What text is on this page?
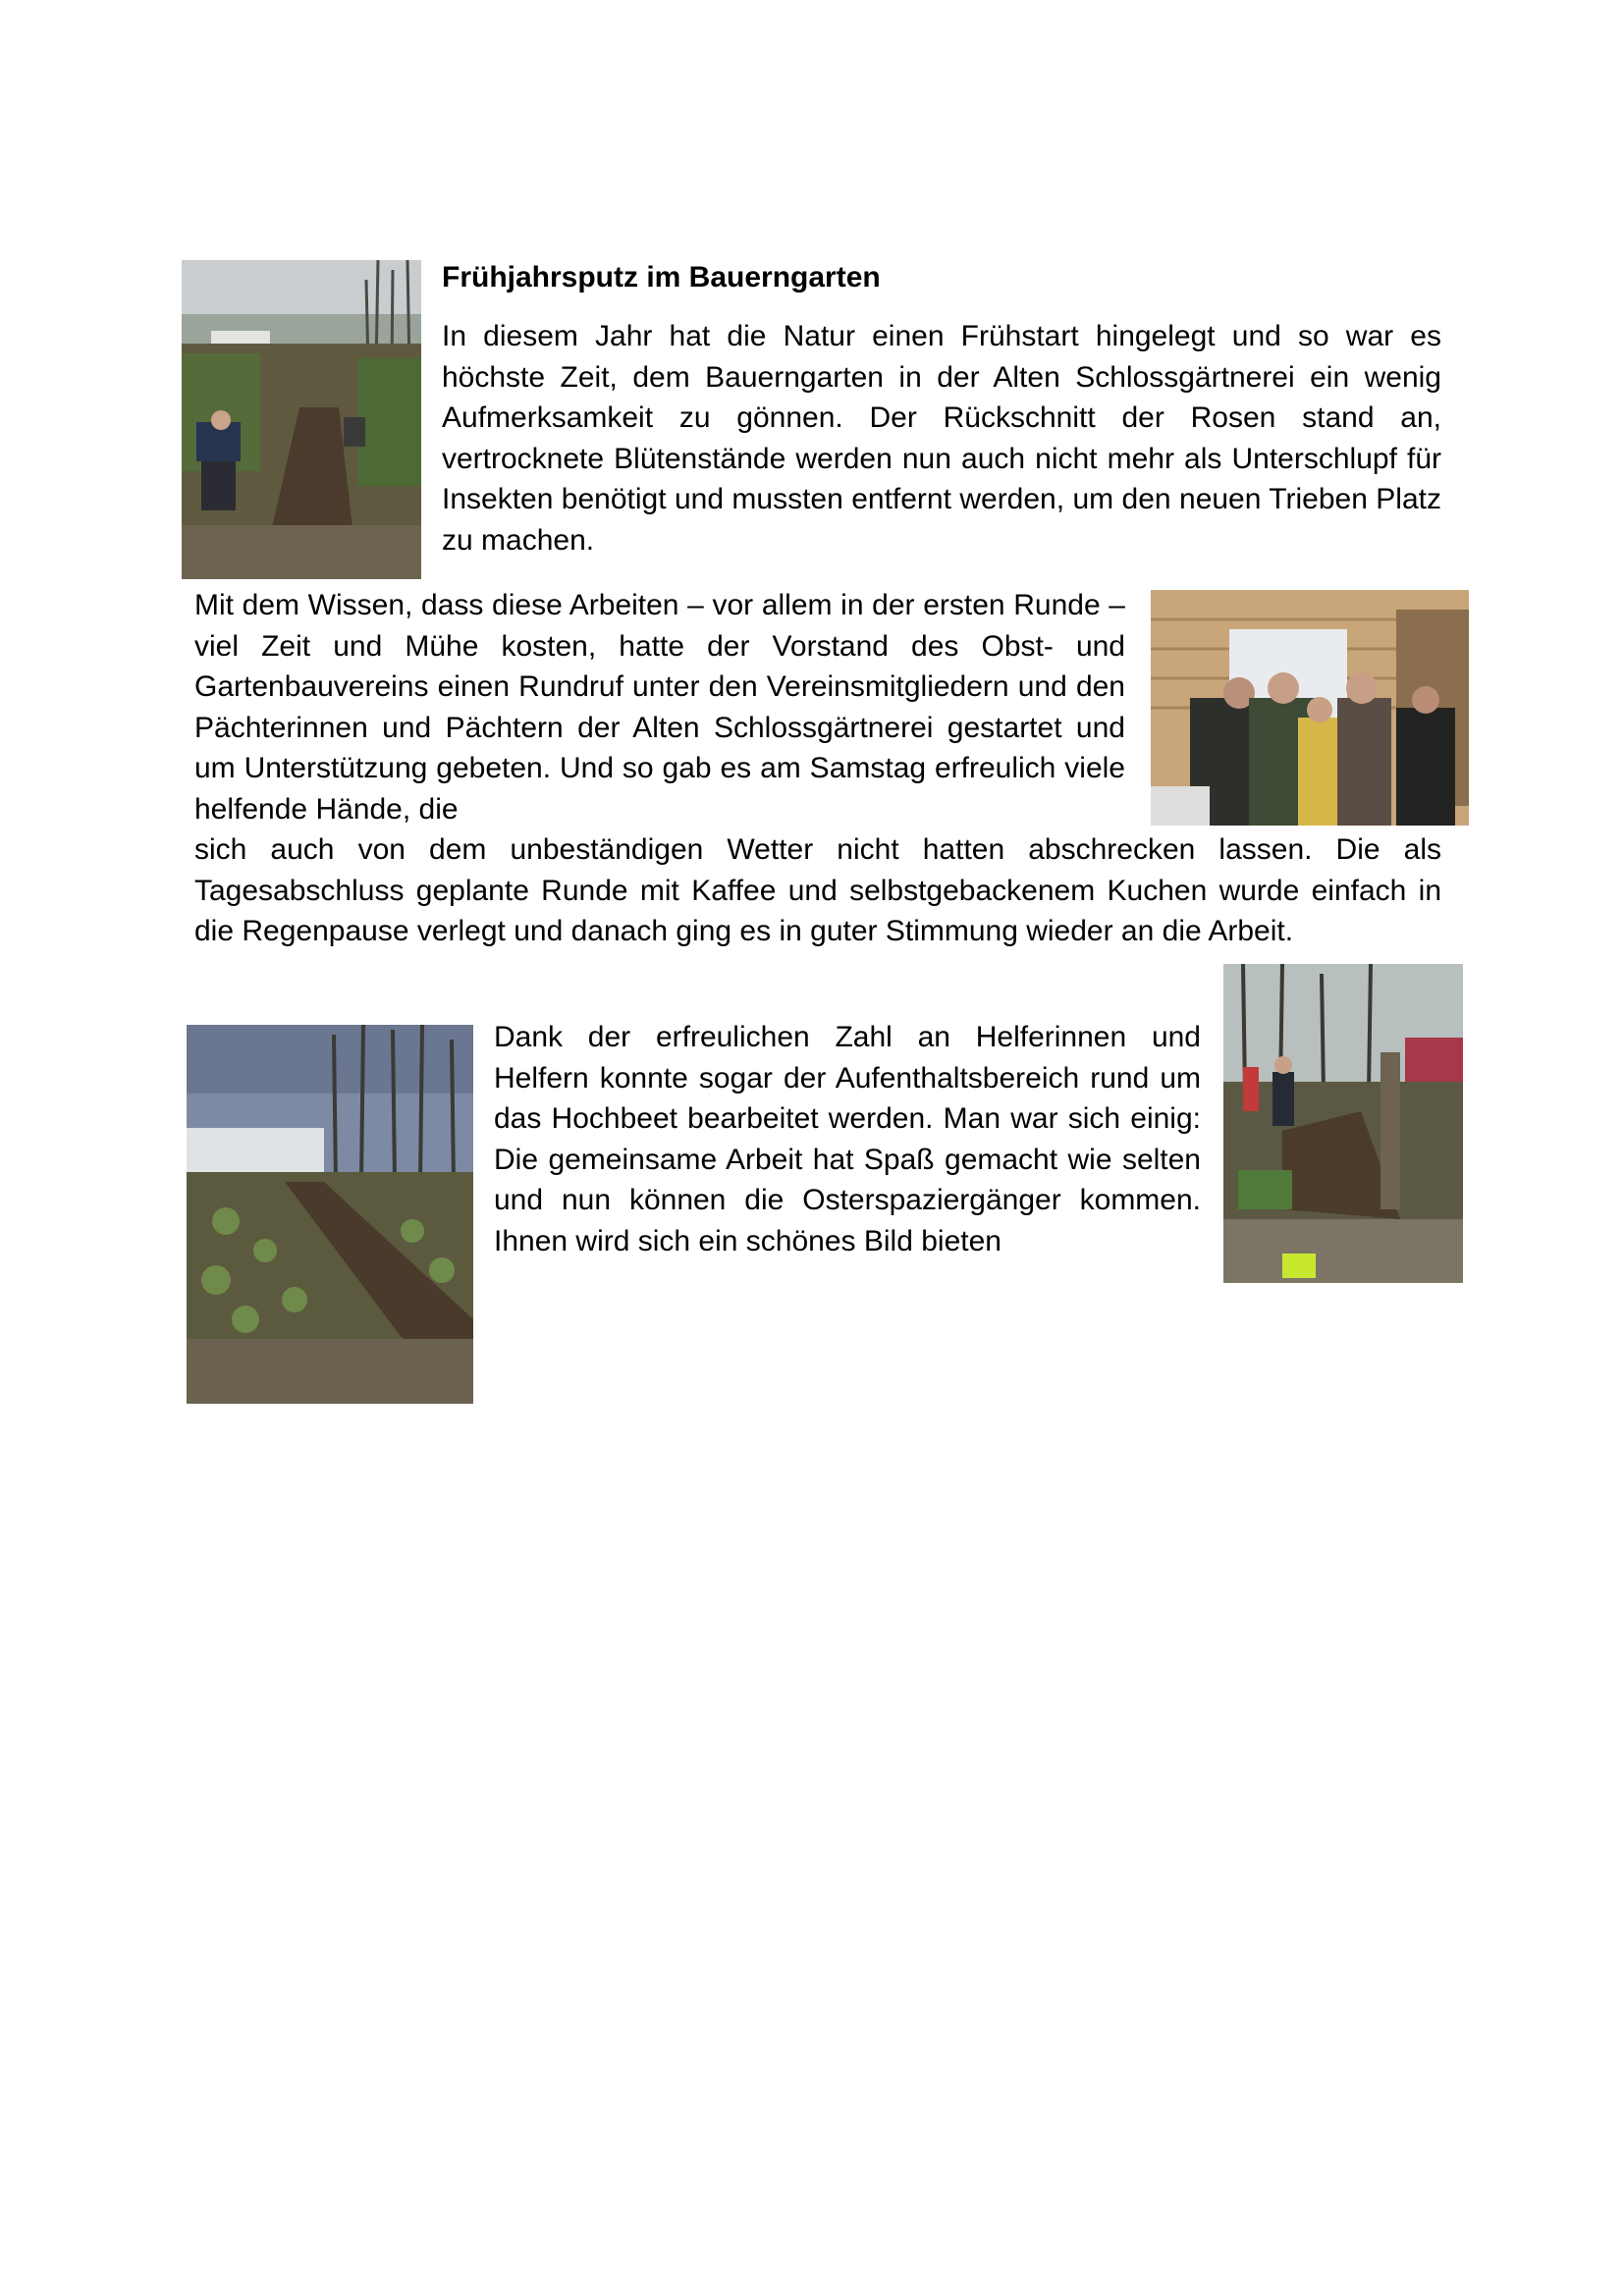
Frühjahrsputz im Bauerngarten

In diesem Jahr hat die Natur einen Frühstart hingelegt und so war es höchste Zeit, dem Bauerngarten in der Alten Schlossgärtnerei ein wenig Aufmerksamkeit zu gönnen. Der Rückschnitt der Rosen stand an, vertrocknete Blütenstände werden nun auch nicht mehr als Unterschlupf für Insekten benötigt und mussten entfernt werden, um den neuen Trieben Platz zu machen.

Mit dem Wissen, dass diese Arbeiten – vor allem in der ersten Runde – viel Zeit und Mühe kosten, hatte der Vorstand des Obst- und Gartenbauvereins einen Rundruf unter den Vereinsmitgliedern und den Pächterinnen und Pächtern der Alten Schlossgärtnerei gestartet und um Unterstützung gebeten. Und so gab es am Samstag erfreulich viele helfende Hände, die

sich auch von dem unbeständigen Wetter nicht hatten abschrecken lassen. Die als Tagesabschluss geplante Runde mit Kaffee und selbstgebackenem Kuchen wurde einfach in die Regenpause verlegt und danach ging es in guter Stimmung wieder an die Arbeit.

Dank der erfreulichen Zahl an Helferinnen und Helfern konnte sogar der Aufenthaltsbereich rund um das Hochbeet bearbeitet werden. Man war sich einig: Die gemeinsame Arbeit hat Spaß gemacht wie selten und nun können die Osterspaziergänger kommen. Ihnen wird sich ein schönes Bild bieten
